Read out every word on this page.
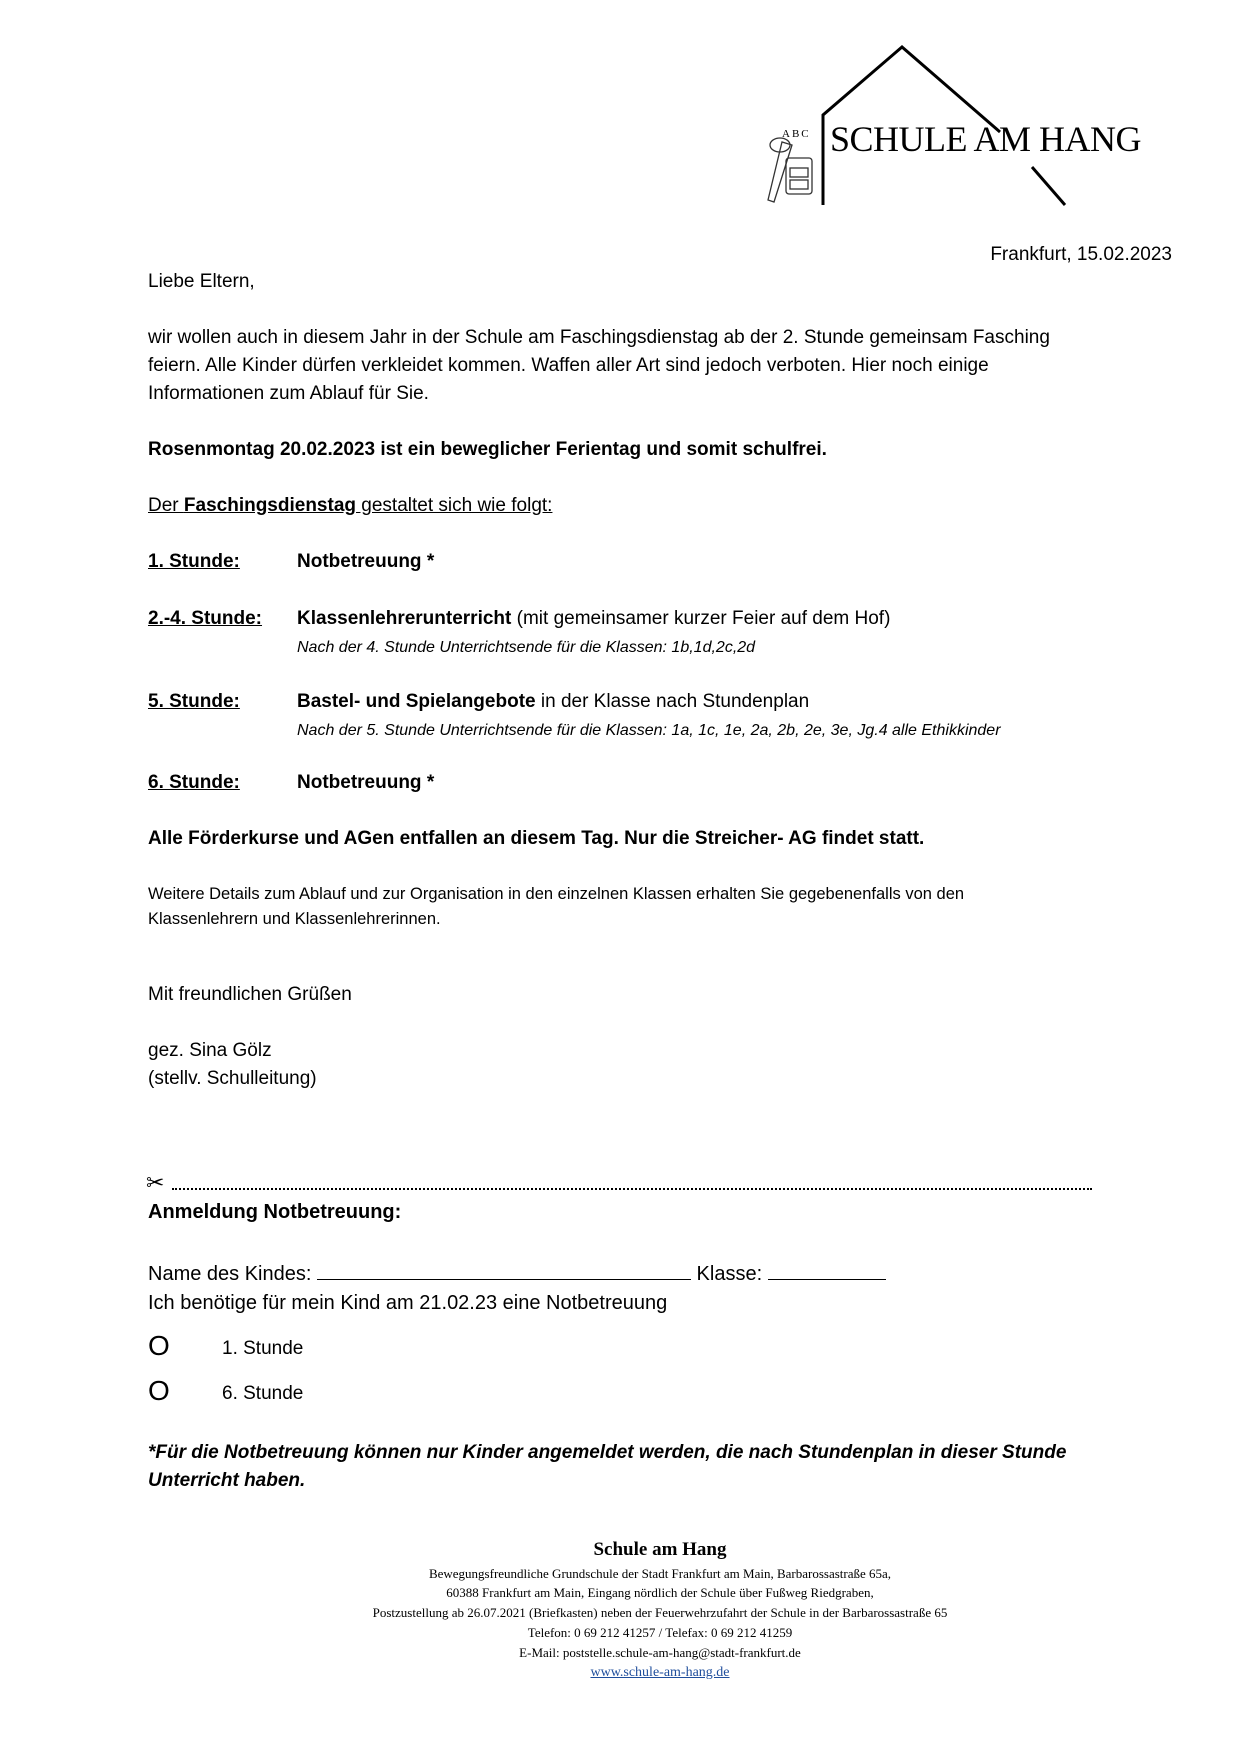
ABC SCHULE AM HANG
Frankfurt, 15.02.2023
Liebe Eltern,
wir wollen auch in diesem Jahr in der Schule am Faschingsdienstag ab der 2. Stunde gemeinsam Fasching
feiern. Alle Kinder dürfen verkleidet kommen. Waffen aller Art sind jedoch verboten. Hier noch einige
Informationen zum Ablauf für Sie.
Rosenmontag 20.02.2023 ist ein beweglicher Ferientag und somit schulfrei.
Der Faschingsdienstag gestaltet sich wie folgt:
1. Stunde:	Notbetreuung *
2.-4. Stunde: Klassenlehrerunterricht (mit gemeinsamer kurzer Feier auf dem Hof)
Nach der 4. Stunde Unterrichtsende für die Klassen: 1b,1d,2c,2d
5. Stunde:	Bastel- und Spielangebote in der Klasse nach Stundenplan
Nach der 5. Stunde Unterrichtsende für die Klassen: 1a, 1c, 1e, 2a, 2b, 2e, 3e, Jg.4 alle Ethikkinder
6. Stunde:	Notbetreuung *
Alle Förderkurse und AGen entfallen an diesem Tag. Nur die Streicher- AG findet statt.
Weitere Details zum Ablauf und zur Organisation in den einzelnen Klassen erhalten Sie gegebenenfalls von den
Klassenlehrern und Klassenlehrerinnen.
Mit freundlichen Grüßen
gez. Sina Gölz
(stellv. Schulleitung)
✂
Anmeldung Notbetreuung:
Name des Kindes:	Klasse:
Ich benötige für mein Kind am 21.02.23 eine Notbetreuung
O	1. Stunde
O	6. Stunde
*Für die Notbetreuung können nur Kinder angemeldet werden, die nach Stundenplan in dieser Stunde
Unterricht haben.
Schule am Hang
Bewegungsfreundliche Grundschule der Stadt Frankfurt am Main, Barbarossastraße 65a,
60388 Frankfurt am Main, Eingang nördlich der Schule über Fußweg Riedgraben,
Postzustellung ab 26.07.2021 (Briefkasten) neben der Feuerwehrzufahrt der Schule in der Barbarossastraße 65
Telefon: 0 69 212 41257 / Telefax: 0 69 212 41259
E-Mail: poststelle.schule-am-hang@stadt-frankfurt.de
www.schule-am-hang.de
